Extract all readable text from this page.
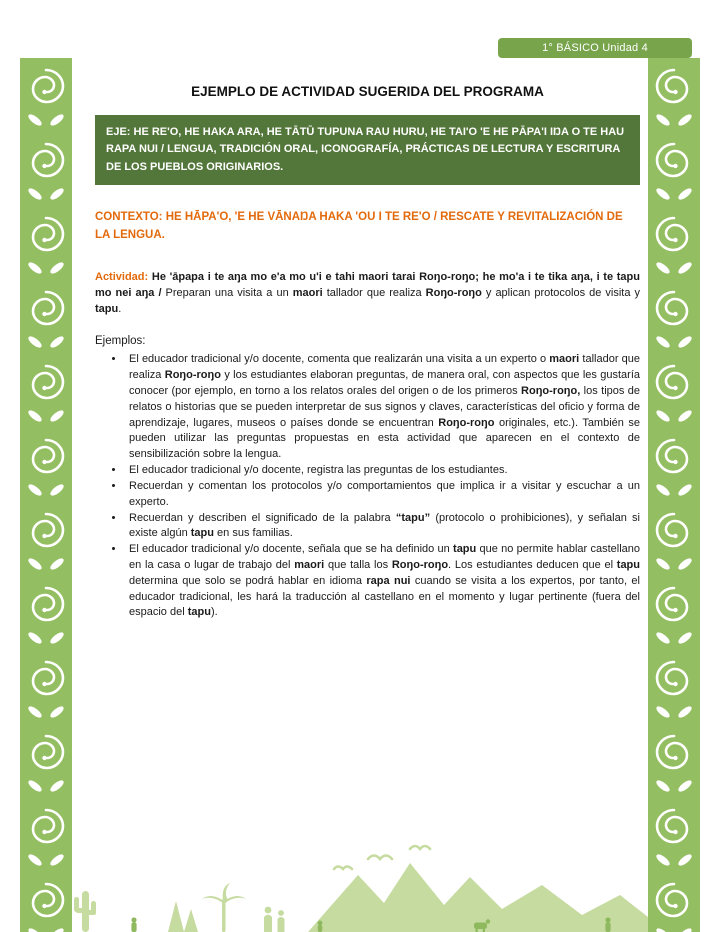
1° BÁSICO Unidad 4
EJEMPLO DE ACTIVIDAD SUGERIDA DEL PROGRAMA
EJE: HE RE'O, HE HAKA ARA, HE TĀTŪ TUPUNA RAU HURU, HE TAI'O 'E HE PĀPA'I IŊA O TE HAU RAPA NUI / LENGUA, TRADICIÓN ORAL, ICONOGRAFÍA, PRÁCTICAS DE LECTURA Y ESCRITURA DE LOS PUEBLOS ORIGINARIOS.
CONTEXTO: HE HĀPA'O, 'E HE VĀNAŊA HAKA 'OU I TE RE'O / RESCATE Y REVITALIZACIÓN DE LA LENGUA.

Actividad: He 'āpapa i te aŋa mo e'a mo u'i e tahi maori tarai Roŋo-roŋo; he mo'a i te tika aŋa, i te tapu mo nei aŋa / Preparan una visita a un maori tallador que realiza Roŋo-roŋo y aplican protocolos de visita y tapu.

Ejemplos:
• El educador tradicional y/o docente, comenta que realizarán una visita a un experto o maori tallador que realiza Roŋo-roŋo y los estudiantes elaboran preguntas, de manera oral, con aspectos que les gustaría conocer (por ejemplo, en torno a los relatos orales del origen o de los primeros Roŋo-roŋo, los tipos de relatos o historias que se pueden interpretar de sus signos y claves, características del oficio y forma de aprendizaje, lugares, museos o países donde se encuentran Roŋo-roŋo originales, etc.). También se pueden utilizar las preguntas propuestas en esta actividad que aparecen en el contexto de sensibilización sobre la lengua.
• El educador tradicional y/o docente, registra las preguntas de los estudiantes.
• Recuerdan y comentan los protocolos y/o comportamientos que implica ir a visitar y escuchar a un experto.
• Recuerdan y describen el significado de la palabra “tapu” (protocolo o prohibiciones), y señalan si existe algún tapu en sus familias.
• El educador tradicional y/o docente, señala que se ha definido un tapu que no permite hablar castellano en la casa o lugar de trabajo del maori que talla los Roŋo-roŋo. Los estudiantes deducen que el tapu determina que solo se podrá hablar en idioma rapa nui cuando se visita a los expertos, por tanto, el educador tradicional, les hará la traducción al castellano en el momento y lugar pertinente (fuera del espacio del tapu).
